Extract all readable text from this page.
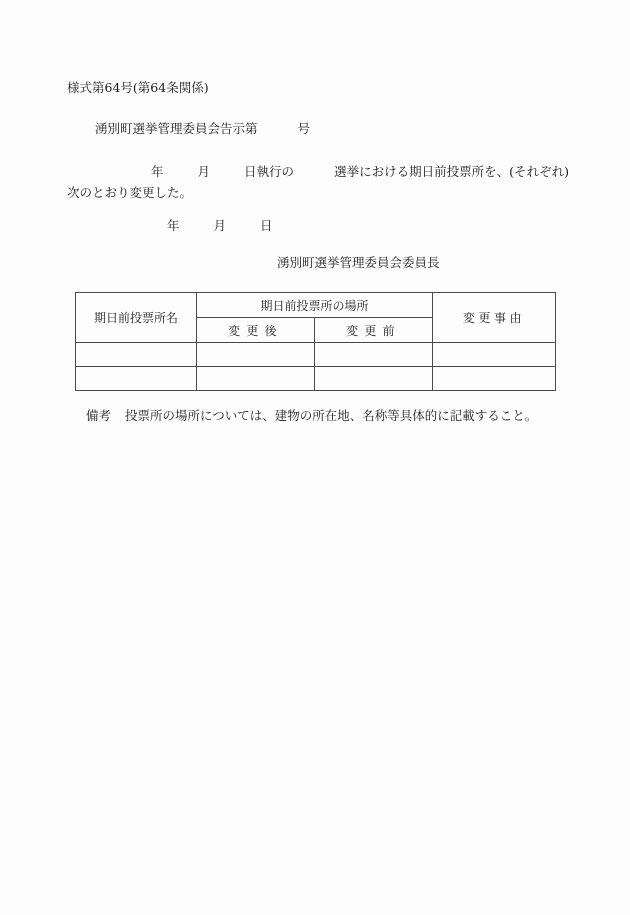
様式第64号(第64条関係)
湧別町選挙管理委員会告示第	号
年	月	日執行の	選挙における期日前投票所を、(それぞれ)次のとおり変更した。
年	月	日
湧別町選挙管理委員会委員長
期日前投票所名	期日前投票所の場所		変更事由
	変更後	変更前	

備考 投票所の場所については、建物の所在地、名称等具体的に記載すること。
